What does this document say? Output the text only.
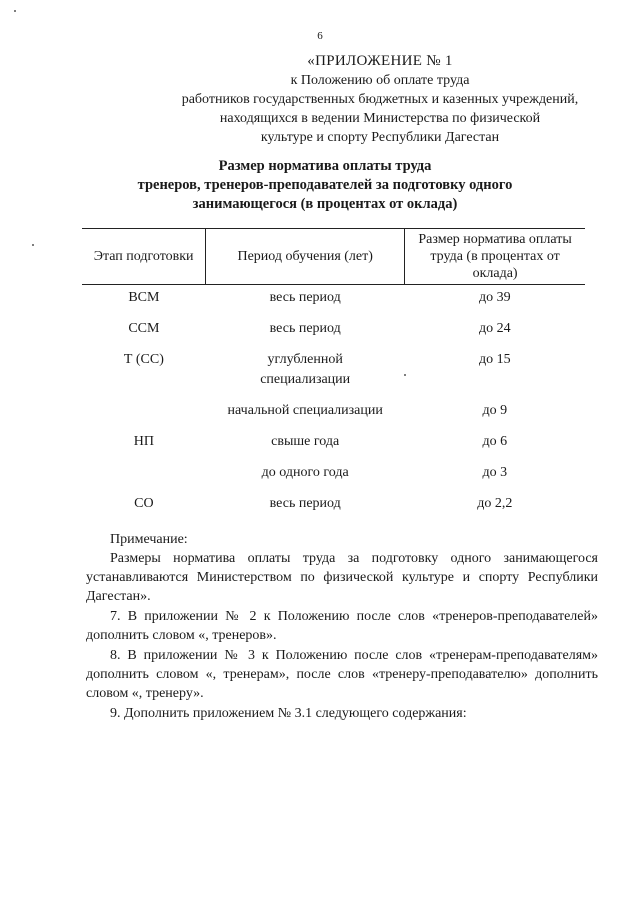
6
«ПРИЛОЖЕНИЕ № 1
к Положению об оплате труда
работников государственных бюджетных и казенных учреждений,
находящихся в ведении Министерства по физической
культуре и спорту Республики Дагестан
Размер норматива оплаты труда
тренеров, тренеров-преподавателей за подготовку одного
занимающегося (в процентах от оклада)
Этап подготовки	Период обучения (лет)	Размер норматива оплаты труда (в процентах от оклада)
ВСМ	весь период	до 39
ССМ	весь период	до 24
Т (СС)	углубленной специализации	до 15
	начальной специализации	до 9
НП	свыше года	до 6
	до одного года	до 3
СО	весь период	до 2,2

Примечание:

Размеры норматива оплаты труда за подготовку одного занимающегося устанавливаются Министерством по физической культуре и спорту Республики Дагестан».

7. В приложении № 2 к Положению после слов «тренеров-преподавателей» дополнить словом «, тренеров».

8. В приложении № 3 к Положению после слов «тренерам-преподавателям» дополнить словом «, тренерам», после слов «тренеру-преподавателю» дополнить словом «, тренеру».

9. Дополнить приложением № 3.1 следующего содержания:
